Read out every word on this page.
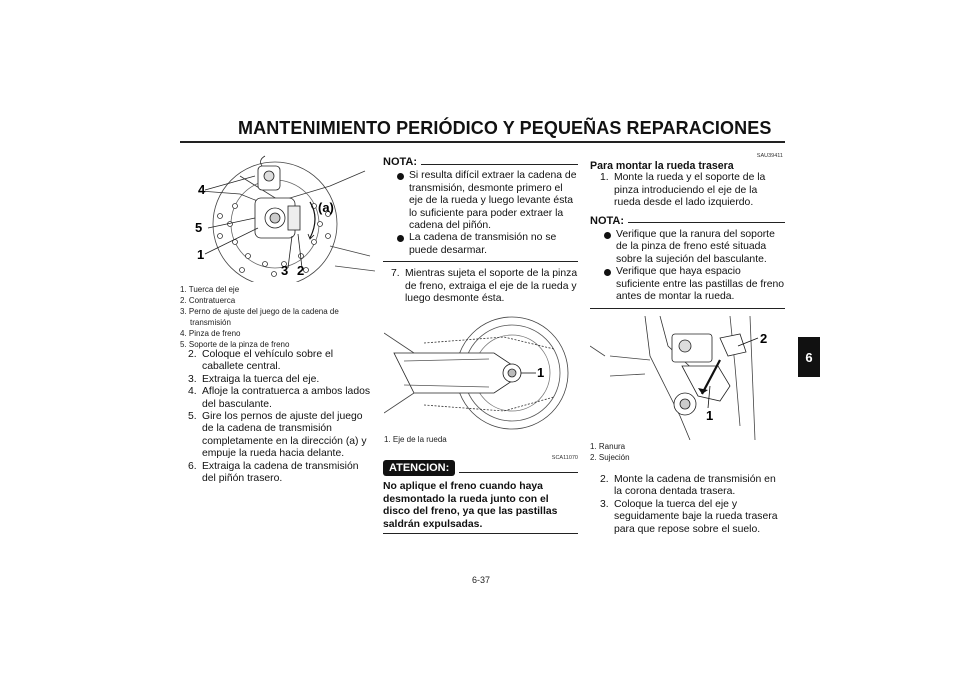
MANTENIMIENTO PERIÓDICO Y PEQUEÑAS REPARACIONES
6
4
5
1
3 2
(a)
1. Tuerca del eje
2. Contratuerca
3. Perno de ajuste del juego de la cadena de
transmisión
4. Pinza de freno
5. Soporte de la pinza de freno

2. Coloque el vehículo sobre el caballete central.

3. Extraiga la tuerca del eje.

4. Afloje la contratuerca a ambos lados del basculante.

5. Gire los pernos de ajuste del juego de la cadena de transmisión completamente en la dirección (a) y empuje la rueda hacia delante.

6. Extraiga la cadena de transmisión del piñón trasero.

NOTA:

Si resulta difícil extraer la cadena de transmisión, desmonte primero el eje de la rueda y luego levante ésta lo suficiente para poder extraer la cadena del piñón.

La cadena de transmisión no se puede desarmar.

7. Mientras sujeta el soporte de la pinza de freno, extraiga el eje de la rueda y luego desmonte ésta.

1
1. Eje de la rueda
SCA11070
ATENCION:

No aplique el freno cuando haya desmontado la rueda junto con el disco del freno, ya que las pastillas saldrán expulsadas.

SAU39411
Para montar la rueda trasera

1. Monte la rueda y el soporte de la pinza introduciendo el eje de la rueda desde el lado izquierdo.

NOTA:

Verifique que la ranura del soporte de la pinza de freno esté situada sobre la sujeción del basculante.

Verifique que haya espacio suficiente entre las pastillas de freno antes de montar la rueda.

2
1
1. Ranura
2. Sujeción

2. Monte la cadena de transmisión en la corona dentada trasera.

3. Coloque la tuerca del eje y seguidamente baje la rueda trasera para que repose sobre el suelo.

6-37
